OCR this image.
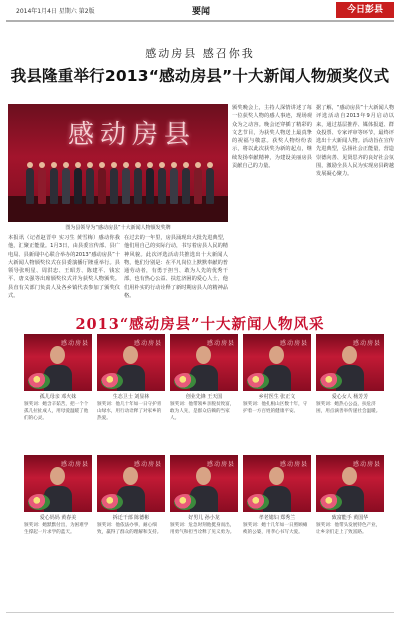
2014年1月4日 星期六 第2版	要闻	今日彭县
感动房县 感召你我
我县隆重举行2013“感动房县”十大新闻人物颁奖仪式
感动房县
图为县领导为“感动房县”十大新闻人物颁发奖牌
本报讯（记者赵晋中 实习生 黄雪梅）感动你我他，汇聚正能量。1月3日，由县委宣传部、县广电局、县新闻中心联合举办的2013“感动房县”十大新闻人物颁奖仪式在县委演播厅隆重举行。县领导张明星、周洪忠、王昭芳、陈建平、钱宏平、唐义强等出席颁奖仪式并为获奖人物颁奖。县直有关部门负责人及各乡镇代表参加了颁奖仪式。
在过去的一年里，房县涌现出大批先进典型，他们用自己的实际行动，书写着房县人民的精神风貌。此次评选活动共推选出十大新闻人物，他们分别是：在平凡岗位上默默奉献的普通劳动者，有勇于担当、敢为人先的优秀干部，也有热心公益、扶危济困的爱心人士，他们用朴实的行动诠释了新时期房县人的精神品格。
颁奖晚会上，主持人深情讲述了每一位获奖人物的感人事迹，现场观众为之动容。晚会还穿插了精彩的文艺节目，为获奖人物送上最真挚的祝福与敬意。获奖人物纷纷表示，将以此次获奖为新的起点，继续发扬奉献精神，为建设美丽房县贡献自己的力量。
据了解，“感动房县”十大新闻人物评选活动自2013年9月启动以来，通过基层推荐、媒体报道、群众投票、专家评审等环节，最终评选出十大新闻人物。活动旨在宣传先进典型，弘扬社会正能量，营造崇德向善、见贤思齐的良好社会氛围，激励全县人民为实现房县跨越发展凝心聚力。
2013“感动房县”十大新闻人物风采
感动房县
孤儿母亲 邓火妹
颁奖词：她含辛茹苦，把一个个孤儿拉扯成人，用母爱温暖了他们的心灵。
感动房县
生态卫士 刘显林
颁奖词：他几十年如一日守护青山绿水，用行动诠释了对家乡的热爱。
感动房县
创业先锋 王天国
颁奖词：他带领乡亲脱贫致富，敢为人先，是群众信赖的当家人。
感动房县
乡村医生 张正文
颁奖词：他扎根山区数十年，守护着一方百姓的健康平安。
感动房县
爱心女人 杨芳芳
颁奖词：她热心公益，扶危济困，用点滴善举传递社会温暖。
感动房县
爱心妈妈 黄春美
颁奖词：她默默付出，为困难学生撑起一片求学的蓝天。
感动房县
拆迁干部 陈德彬
颁奖词：他依法办事，耐心细致，赢得了群众的理解和支持。
感动房县
好男儿 孙小龙
颁奖词：危急时刻他挺身而出，用勇气和担当诠释了见义勇为。
感动房县
孝老媳妇 郑秀兰
颁奖词：她十几年如一日照顾瘫痪的公婆，用孝心书写大爱。
感动房县
致富能手 黄国华
颁奖词：他带头发展特色产业，让乡亲们走上了致富路。
